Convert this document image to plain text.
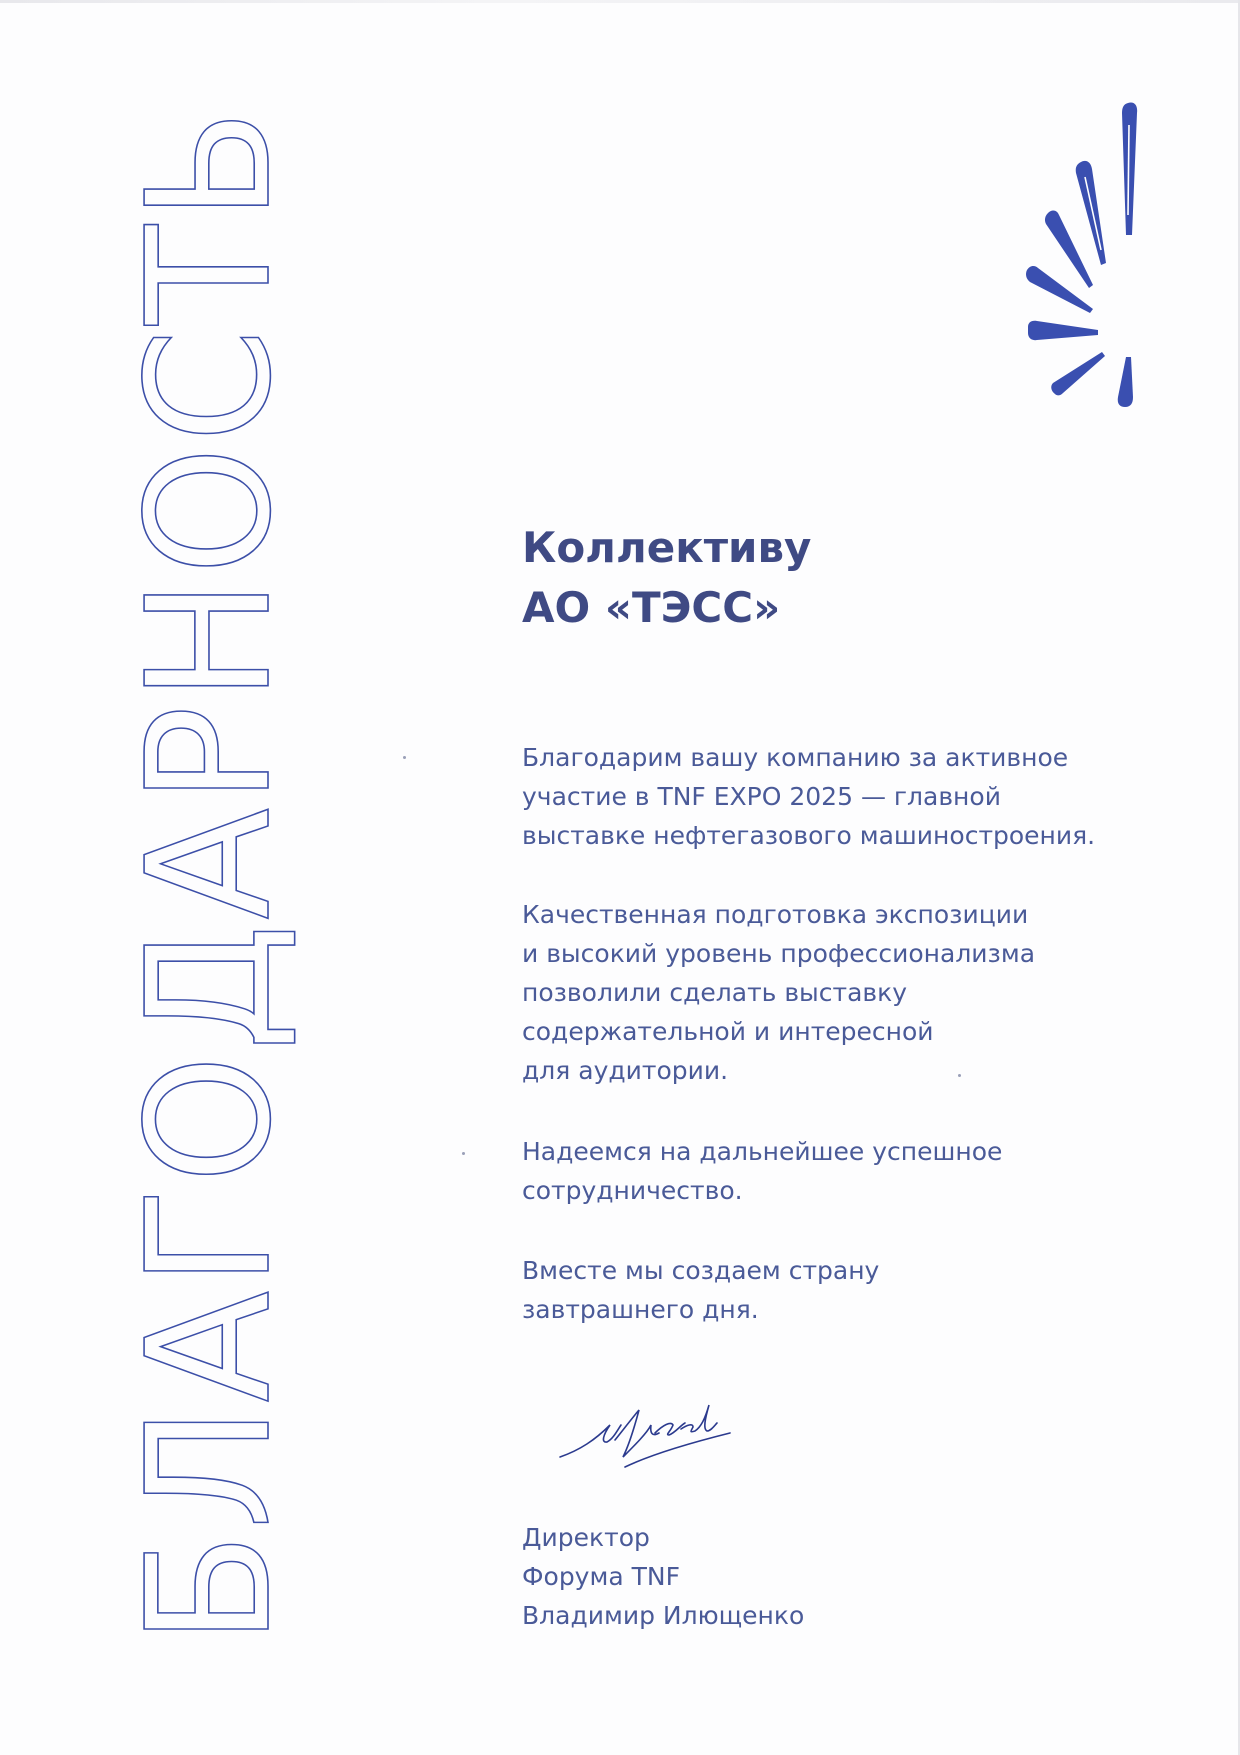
БЛАГОДАРНОСТЬ	Коллективу
АО «ТЭСС»
Благодарим вашу компанию за активное
участие в TNF EXPO 2025 — главной
выставке нефтегазового машиностроения.
Качественная подготовка экспозиции
и высокий уровень профессионализма
позволили сделать выставку
содержательной и интересной
для аудитории.
Надеемся на дальнейшее успешное
сотрудничество.
Вместе мы создаем страну
завтрашнего дня.
Директор
Форума TNF
Владимир Илющенко
